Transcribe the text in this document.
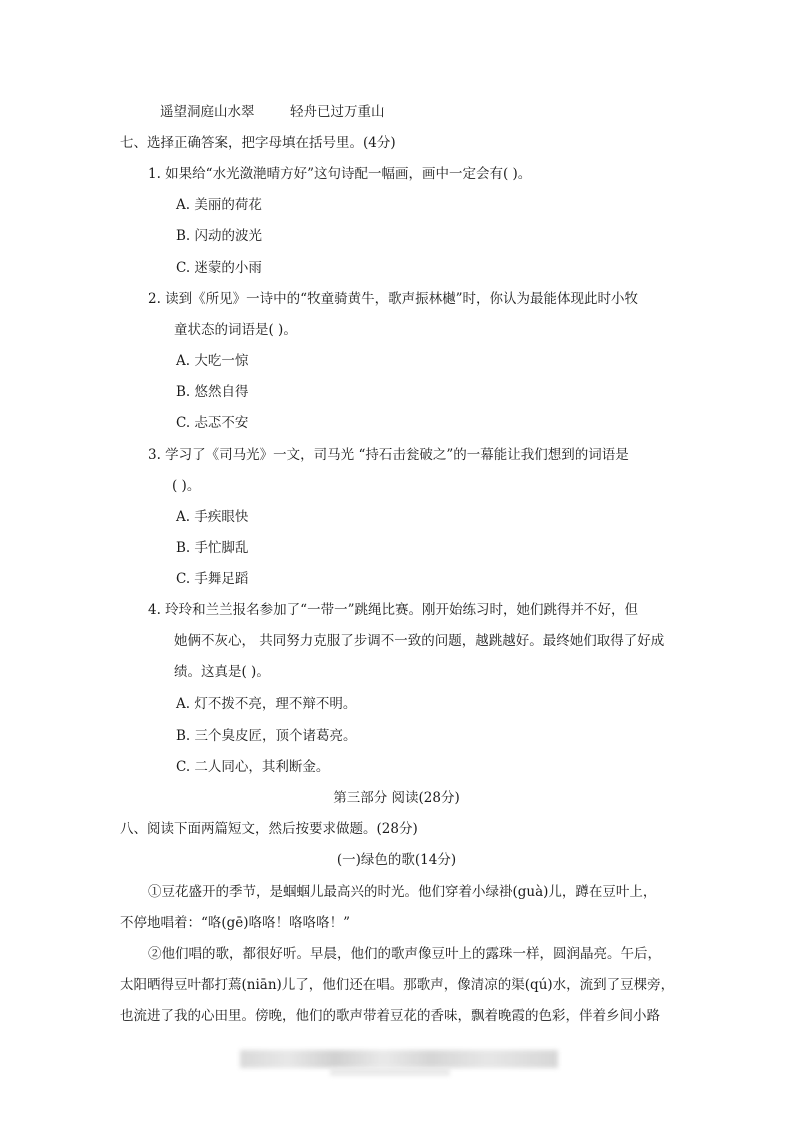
遥望洞庭山水翠	轻舟已过万重山
七、选择正确答案，把字母填在括号里。(4分)
1. 如果给“水光潋滟晴方好”这句诗配一幅画，画中一定会有( )。
A. 美丽的荷花
B. 闪动的波光
C. 迷蒙的小雨
2. 读到《所见》一诗中的“牧童骑黄牛，歌声振林樾”时，你认为最能体现此时小牧
童状态的词语是( )。
A. 大吃一惊
B. 悠然自得
C. 忐忑不安
3. 学习了《司马光》一文，司马光 “持石击瓮破之”的一幕能让我们想到的词语是
( )。
A. 手疾眼快
B. 手忙脚乱
C. 手舞足蹈
4. 玲玲和兰兰报名参加了“一带一”跳绳比赛。刚开始练习时，她们跳得并不好，但
她俩不灰心， 共同努力克服了步调不一致的问题，越跳越好。最终她们取得了好成
绩。这真是( )。
A. 灯不拨不亮，理不辩不明。
B. 三个臭皮匠，顶个诸葛亮。
C. 二人同心，其利断金。
第三部分 阅读(28分)
八、阅读下面两篇短文，然后按要求做题。(28分)
(一)绿色的歌(14分)
①豆花盛开的季节，是蝈蝈儿最高兴的时光。他们穿着小绿褂(guà)儿，蹲在豆叶上，
不停地唱着：“咯(gē)咯咯！咯咯咯！”
②他们唱的歌，都很好听。早晨，他们的歌声像豆叶上的露珠一样，圆润晶亮。午后，
太阳晒得豆叶都打蔫(niān)儿了，他们还在唱。那歌声，像清凉的渠(qú)水，流到了豆棵旁，
也流进了我的心田里。傍晚，他们的歌声带着豆花的香味，飘着晚霞的色彩，伴着乡间小路
